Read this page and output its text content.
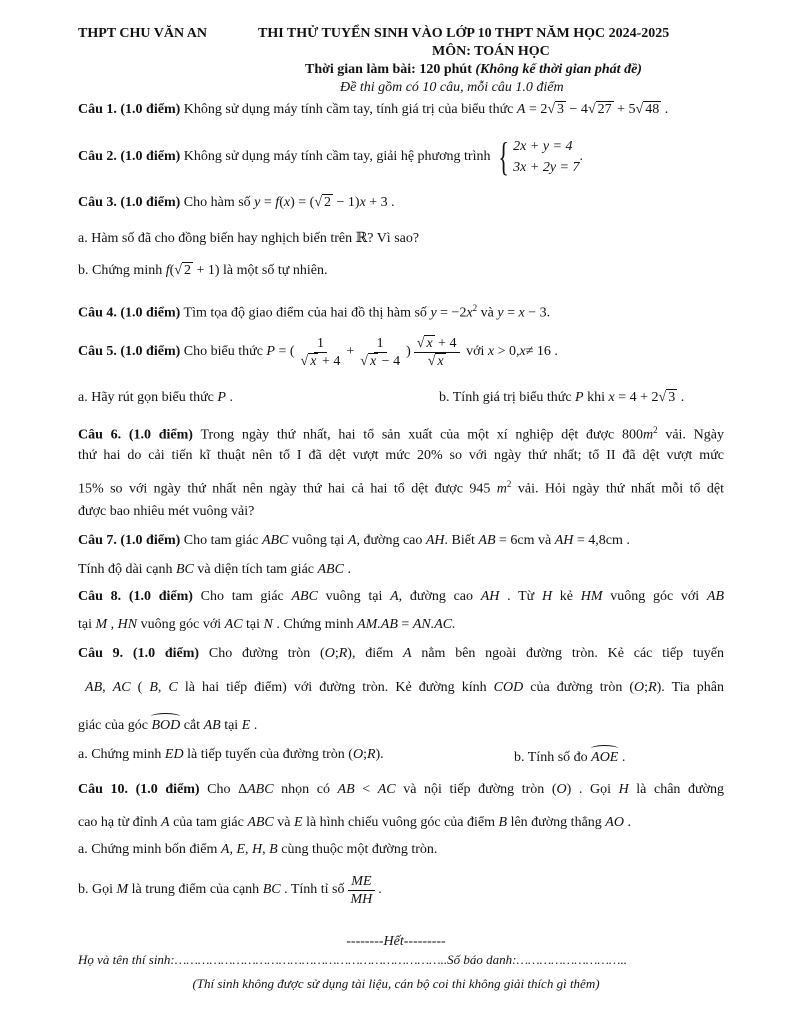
THPT CHU VĂN AN	THI THỬ TUYỂN SINH VÀO LỚP 10 THPT NĂM HỌC 2024-2025
MÔN: TOÁN HỌC
Thời gian làm bài: 120 phút (Không kể thời gian phát đề)
Đề thi gồm có 10 câu, mỗi câu 1.0 điểm
Câu 1. (1.0 điểm) Không sử dụng máy tính cầm tay, tính giá trị của biểu thức A = 2√ 3 − 4√ 27 + 5√ 48 .
Câu 2. (1.0 điểm)
Không sử dụng máy tính cầm tay, giải hệ phương trình
{ 2x + y = 4
3x + 2y = 7
.
Câu 3. (1.0 điểm) Cho hàm số y = f(x) = (√ 2 − 1)x + 3 .
a. Hàm số đã cho đồng biến hay nghịch biến trên ℝ? Vì sao?
b. Chứng minh f(√ 2 + 1) là một số tự nhiên.
Câu 4. (1.0 điểm) Tìm tọa độ giao điểm của hai đồ thị hàm số $y = -2x^2$ và y = x − 3.
Câu 5. (1.0 điểm)
Cho biểu thức
P = ( $\frac{1}{√ x + 4} + \frac{1}{√ x - 4}$ ) $\frac{√ x + 4}{√ x}$
với
x > 0, x ≠ 16 .
a. Hãy rút gọn biểu thức P .	b. Tính giá trị biểu thức P khi x = 4 + 2√ 3 .
Câu 6. (1.0 điểm) Trong ngày thứ nhất, hai tổ sản xuất của một xí nghiệp dệt được $800m^2$ vải. Ngày
thứ hai do cải tiến kĩ thuật nên tổ I đã dệt vượt mức 20% so với ngày thứ nhất; tổ II đã dệt vượt mức
15% so với ngày thứ nhất nên ngày thứ hai cả hai tổ dệt được 945 $m^2$ vải. Hỏi ngày thứ nhất mỗi tổ dệt
được bao nhiêu mét vuông vải?
Câu 7. (1.0 điểm) Cho tam giác ABC vuông tại A, đường cao AH. Biết AB = 6cm và AH = 4,8cm .
Tính độ dài cạnh BC và diện tích tam giác ABC .
Câu 8. (1.0 điểm) Cho tam giác ABC vuông tại A, đường cao AH . Từ H kẻ HM vuông góc với AB
tại M , HN vuông góc với AC tại N . Chứng minh AM.AB = AN.AC.
Câu 9. (1.0 điểm) Cho đường tròn (O;R), điểm A nằm bên ngoài đường tròn. Kẻ các tiếp tuyến
AB, AC ( B, C là hai tiếp điểm) với đường tròn. Kẻ đường kính COD của đường tròn (O;R). Tia phân
giác của góc BOD cắt AB tại E .
a. Chứng minh ED là tiếp tuyến của đường tròn (O;R).	b. Tính số đo AOE .
Câu 10. (1.0 điểm) Cho ΔABC nhọn có AB < AC và nội tiếp đường tròn (O) . Gọi H là chân đường
cao hạ từ đỉnh A của tam giác ABC và E là hình chiếu vuông góc của điểm B lên đường thẳng AO .
a. Chứng minh bốn điểm A, E, H, B cùng thuộc một đường tròn.
b. Gọi
M là trung điểm của cạnh BC . Tính tỉ số $\frac{ME}{MH}$ .
--------Hết---------
Họ và tên thí sinh:……………………………………………………………..Số báo danh:………………………..
(Thí sinh không được sử dụng tài liệu, cán bộ coi thi không giải thích gì thêm)
